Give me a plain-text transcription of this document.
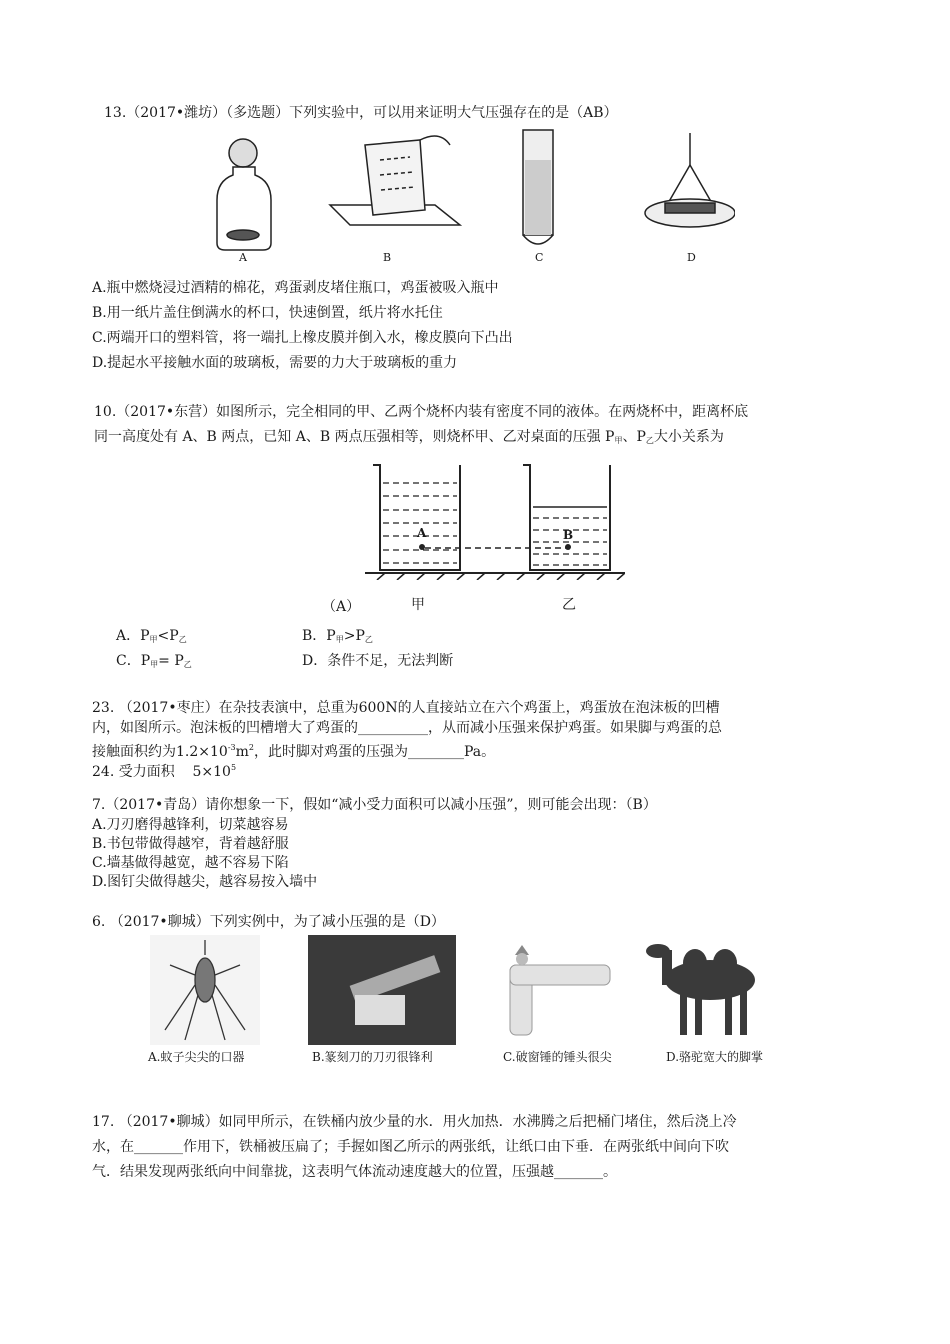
13.（2017•潍坊）（多选题）下列实验中，可以用来证明大气压强存在的是（AB）
A	B	C	D
A.瓶中燃烧浸过酒精的棉花，鸡蛋剥皮堵住瓶口，鸡蛋被吸入瓶中
B.用一纸片盖住倒满水的杯口，快速倒置，纸片将水托住
C.两端开口的塑料管，将一端扎上橡皮膜并倒入水，橡皮膜向下凸出
D.提起水平接触水面的玻璃板，需要的力大于玻璃板的重力
10.（2017•东营）如图所示，完全相同的甲、乙两个烧杯内装有密度不同的液体。在两烧杯中，距离杯底
同一高度处有 A、B 两点，已知 A、B 两点压强相等，则烧杯甲、乙对桌面的压强 $P_甲$、$P_乙$大小关系为
A	B
（A）	甲	乙
A．$P_甲<P_乙$	B．$P_甲>P_乙$
C．$P_甲= P_乙$	D．条件不足，无法判断
23. （2017•枣庄）在杂技表演中，总重为600N的人直接站立在六个鸡蛋上，鸡蛋放在泡沫板的凹槽
内，如图所示。泡沫板的凹槽增大了鸡蛋的__________，从而减小压强来保护鸡蛋。如果脚与鸡蛋的总
接触面积约为$1.2\times 10^{-3}m^2$，此时脚对鸡蛋的压强为________Pa。
24. 受力面积    $5\times 10^5$
7.（2017•青岛）请你想象一下，假如“减小受力面积可以减小压强”，则可能会出现：（B）
A.刀刃磨得越锋利，切菜越容易
B.书包带做得越窄，背着越舒服
C.墙基做得越宽，越不容易下陷
D.图钉尖做得越尖，越容易按入墙中
6. （2017•聊城）下列实例中，为了减小压强的是（D）
A.蚊子尖尖的口器	B.篆刻刀的刀刃很锋利	C.破窗锤的锤头很尖	D.骆驼宽大的脚掌
17. （2017•聊城）如同甲所示，在铁桶内放少量的水．用火加热．水沸腾之后把桶门堵住，然后浇上冷
水，在_______作用下，铁桶被压扁了；手握如图乙所示的两张纸，让纸口由下垂．在两张纸中间向下吹
气．结果发现两张纸向中间靠拢，这表明气体流动速度越大的位置，压强越_______。
